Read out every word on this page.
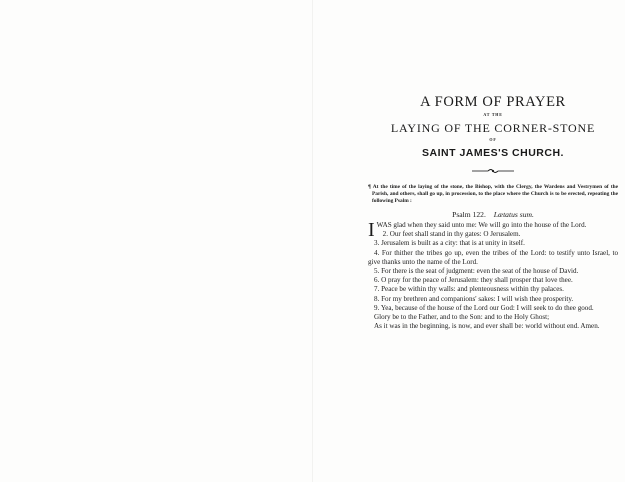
A FORM OF PRAYER
AT THE
LAYING OF THE CORNER-STONE
OF
SAINT JAMES'S CHURCH.

¶ At the time of the laying of the stone, the Bishop, with the Clergy, the Wardens and Vestrymen of the Parish, and others, shall go up, in procession, to the place where the Church is to be erected, repeating the following Psalm :

Psalm 122. Lætatus sum.

I WAS glad when they said unto me: We will go into the house of the Lord.

2. Our feet shall stand in thy gates: O Jerusalem.

3. Jerusalem is built as a city: that is at unity in itself.

4. For thither the tribes go up, even the tribes of the Lord: to testify unto Israel, to give thanks unto the name of the Lord.

5. For there is the seat of judgment: even the seat of the house of David.

6. O pray for the peace of Jerusalem: they shall prosper that love thee.

7. Peace be within thy walls: and plenteousness within thy palaces.

8. For my brethren and companions' sakes: I will wish thee prosperity.

9. Yea, because of the house of the Lord our God: I will seek to do thee good.

Glory be to the Father, and to the Son: and to the Holy Ghost;

As it was in the beginning, is now, and ever shall be: world without end. Amen.
